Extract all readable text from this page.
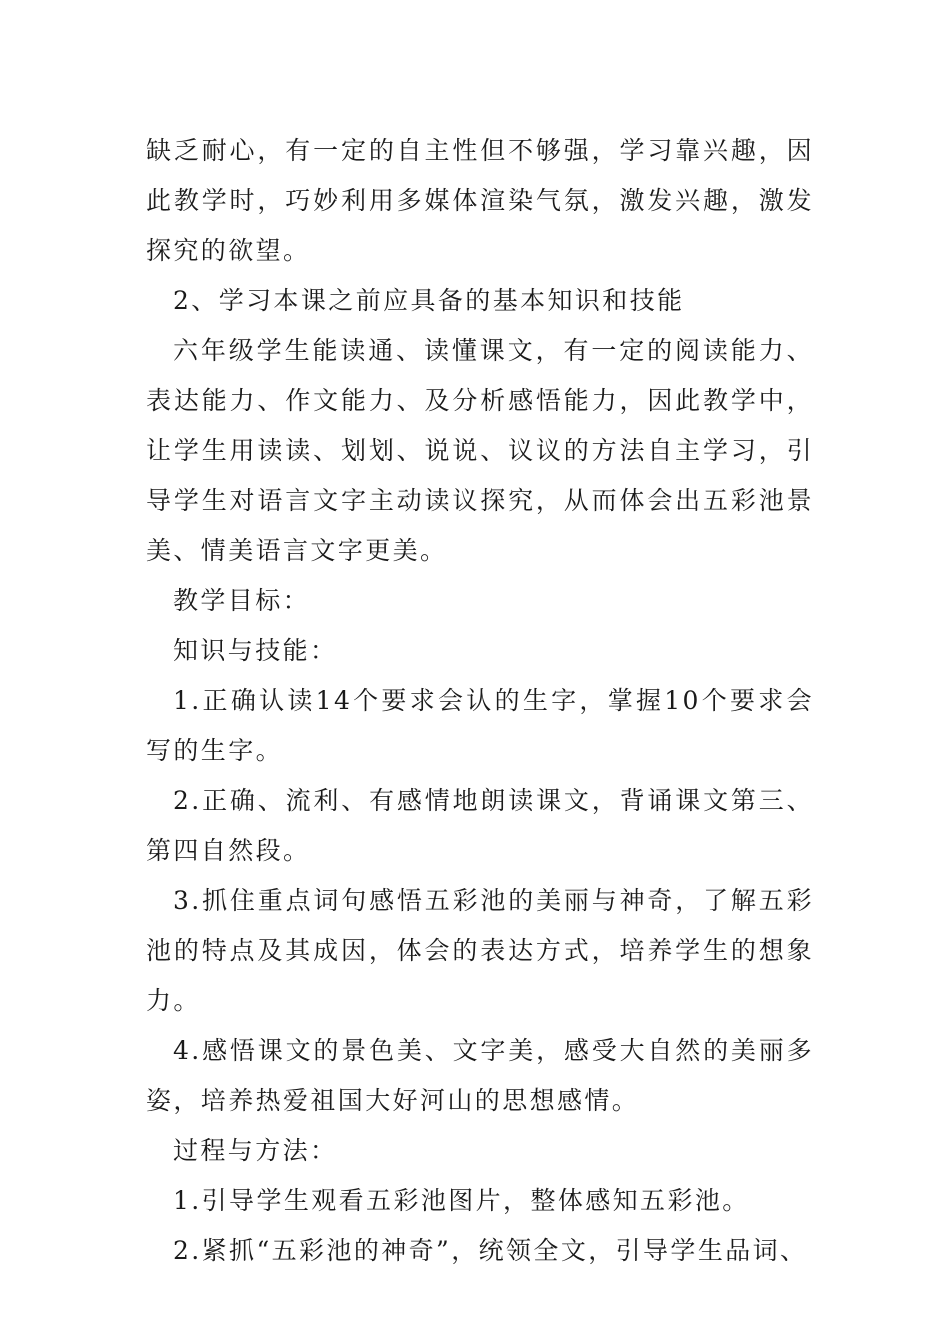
缺乏耐心，有一定的自主性但不够强，学习靠兴趣，因此教学时，巧妙利用多媒体渲染气氛，激发兴趣，激发探究的欲望。

2、学习本课之前应具备的基本知识和技能

六年级学生能读通、读懂课文，有一定的阅读能力、表达能力、作文能力、及分析感悟能力，因此教学中，让学生用读读、划划、说说、议议的方法自主学习，引导学生对语言文字主动读议探究，从而体会出五彩池景美、情美语言文字更美。

教学目标：

知识与技能：

1.正确认读14个要求会认的生字，掌握10个要求会写的生字。

2.正确、流利、有感情地朗读课文，背诵课文第三、第四自然段。

3.抓住重点词句感悟五彩池的美丽与神奇，了解五彩池的特点及其成因，体会的表达方式，培养学生的想象力。

4.感悟课文的景色美、文字美，感受大自然的美丽多姿，培养热爱祖国大好河山的思想感情。

过程与方法：

1.引导学生观看五彩池图片，整体感知五彩池。

2.紧抓“五彩池的神奇”，统领全文，引导学生品词、
